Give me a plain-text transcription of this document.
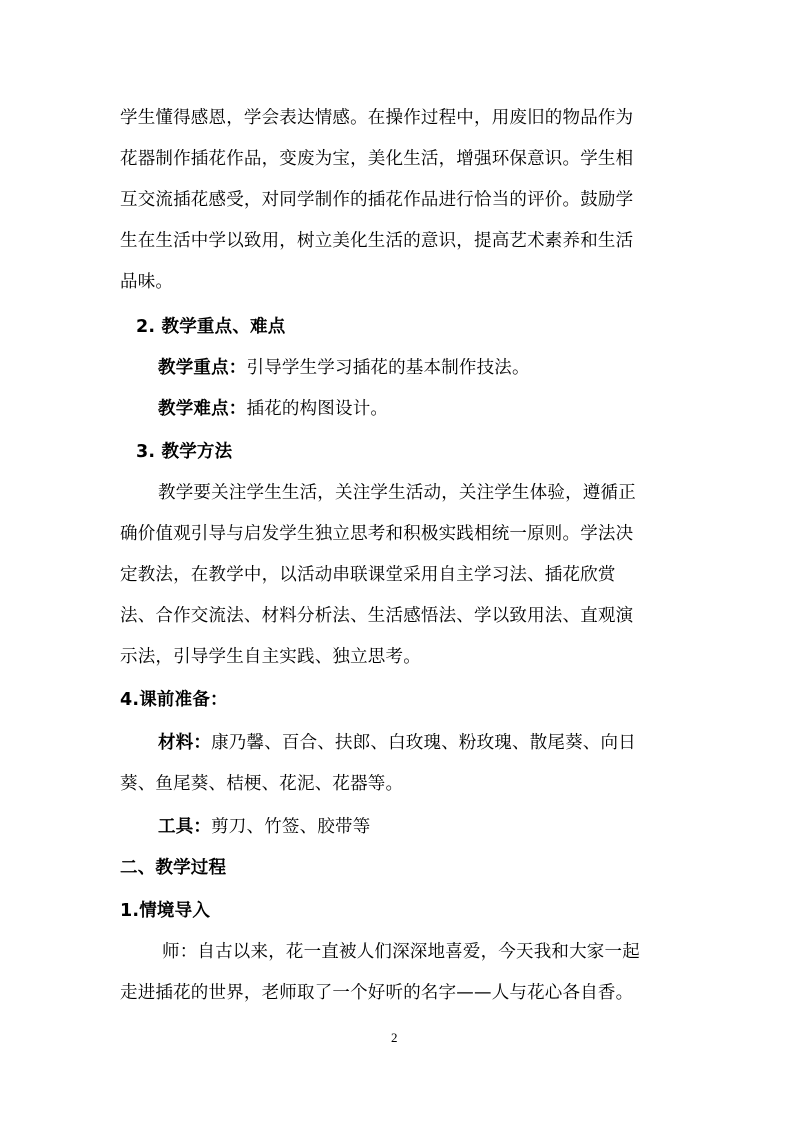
学生懂得感恩，学会表达情感。在操作过程中，用废旧的物品作为
花器制作插花作品，变废为宝，美化生活，增强环保意识。学生相
互交流插花感受，对同学制作的插花作品进行恰当的评价。鼓励学
生在生活中学以致用，树立美化生活的意识，提高艺术素养和生活
品味。
2. 教学重点、难点
教学重点：引导学生学习插花的基本制作技法。
教学难点：插花的构图设计。
3. 教学方法
教学要关注学生生活，关注学生活动，关注学生体验，遵循正
确价值观引导与启发学生独立思考和积极实践相统一原则。学法决
定教法，在教学中，以活动串联课堂采用自主学习法、插花欣赏
法、合作交流法、材料分析法、生活感悟法、学以致用法、直观演
示法，引导学生自主实践、独立思考。
4.课前准备：
材料：康乃馨、百合、扶郎、白玫瑰、粉玫瑰、散尾葵、向日
葵、鱼尾葵、桔梗、花泥、花器等。
工具：剪刀、竹签、胶带等
二、教学过程
1.情境导入
师：自古以来，花一直被人们深深地喜爱，今天我和大家一起
走进插花的世界，老师取了一个好听的名字——人与花心各自香。
2
